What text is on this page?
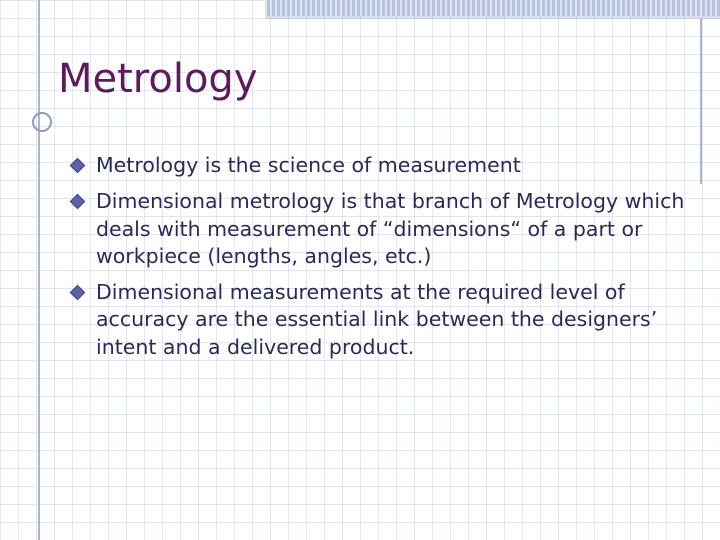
Metrology
Metrology is the science of measurement
Dimensional metrology is that branch of Metrology which deals with measurement of “dimensions“ of a part or workpiece (lengths, angles, etc.)
Dimensional measurements at the required level of accuracy are the essential link between the designers’ intent and a delivered product.
